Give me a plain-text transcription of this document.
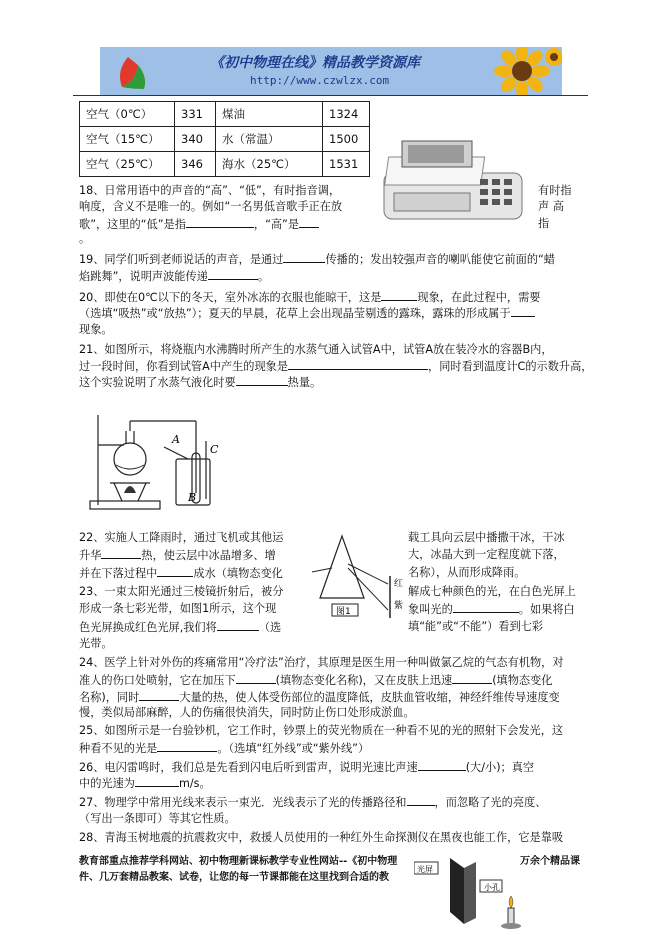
《初中物理在线》精品教学资源库
http://www.czwlzx.com
空气（0℃）	331	煤油	1324
空气（15℃）	340	水（常温）	1500
空气（25℃）	346	海水（25℃）	1531
18、日常用语中的声音的“高”、“低”，有时指音调，	有时指
响度，含义不是唯一的。例如“一名男低音歌手正在放	声 高
歌”，这里的“低”是指	，“高”是	指
。
19、同学们听到老师说话的声音，是通过	传播的；发出较强声音的喇叭能使它前面的“蜡
焰跳舞”，说明声波能传递	。
20、即使在0℃以下的冬天，室外冰冻的衣服也能晾干，这是	现象，在此过程中，需要
（选填“吸热”或“放热”）；夏天的早晨，花草上会出现晶莹剔透的露珠，露珠的形成属于
现象。
21、如图所示，将烧瓶内水沸腾时所产生的水蒸气通入试管A中，试管A放在装冷水的容器B内，
过一段时间，你看到试管A中产生的现象是	，同时看到温度计C的示数升高，
这个实验说明了水蒸气液化时要	热量。
A
C
B
22、实施人工降雨时，通过飞机或其他运	载工具向云层中播撒干冰，干冰
升华	热，使云层中冰晶增多、增	大，冰晶大到一定程度就下落，
并在下落过程中	成水（填物态变化	名称），从而形成降雨。
23、一束太阳光通过三棱镜折射后，被分	解成七种颜色的光，在白色光屏上
形成一条七彩光带，如图1所示，这个现	象叫光的	。如果将白
色光屏换成红色光屏,我们将	（选	填“能”或“不能”）看到七彩
光带。
红
紫
图1
24、医学上针对外伤的疼痛常用“冷疗法”治疗，其原理是医生用一种叫做氯乙烷的气态有机物，对
准人的伤口处喷射，它在加压下	(填物态变化名称)，又在皮肤上迅速	(填物态变化
名称)，同时	大量的热，使人体受伤部位的温度降低，皮肤血管收缩，神经纤维传导速度变
慢，类似局部麻醉，人的伤痛很快消失，同时防止伤口处形成淤血。
25、如图所示是一台验钞机，它工作时，钞票上的荧光物质在一种看不见的光的照射下会发光，这
种看不见的光是	。（选填“红外线”或“紫外线”）
26、电闪雷鸣时，我们总是先看到闪电后听到雷声，说明光速比声速	(大/小)；真空
中的光速为	m/s。
27、物理学中常用光线来表示一束光．光线表示了光的传播路径和	，而忽略了光的亮度、
（写出一条即可）等其它性质。
28、青海玉树地震的抗震救灾中，救援人员使用的一种红外生命探测仪在黑夜也能工作，它是靠吸
教育部重点推荐学科网站、初中物理新课标教学专业性网站--《初中物理	万余个精品课
件、几万套精品教案、试卷，让您的每一节课都能在这里找到合适的教
光屏
小孔
